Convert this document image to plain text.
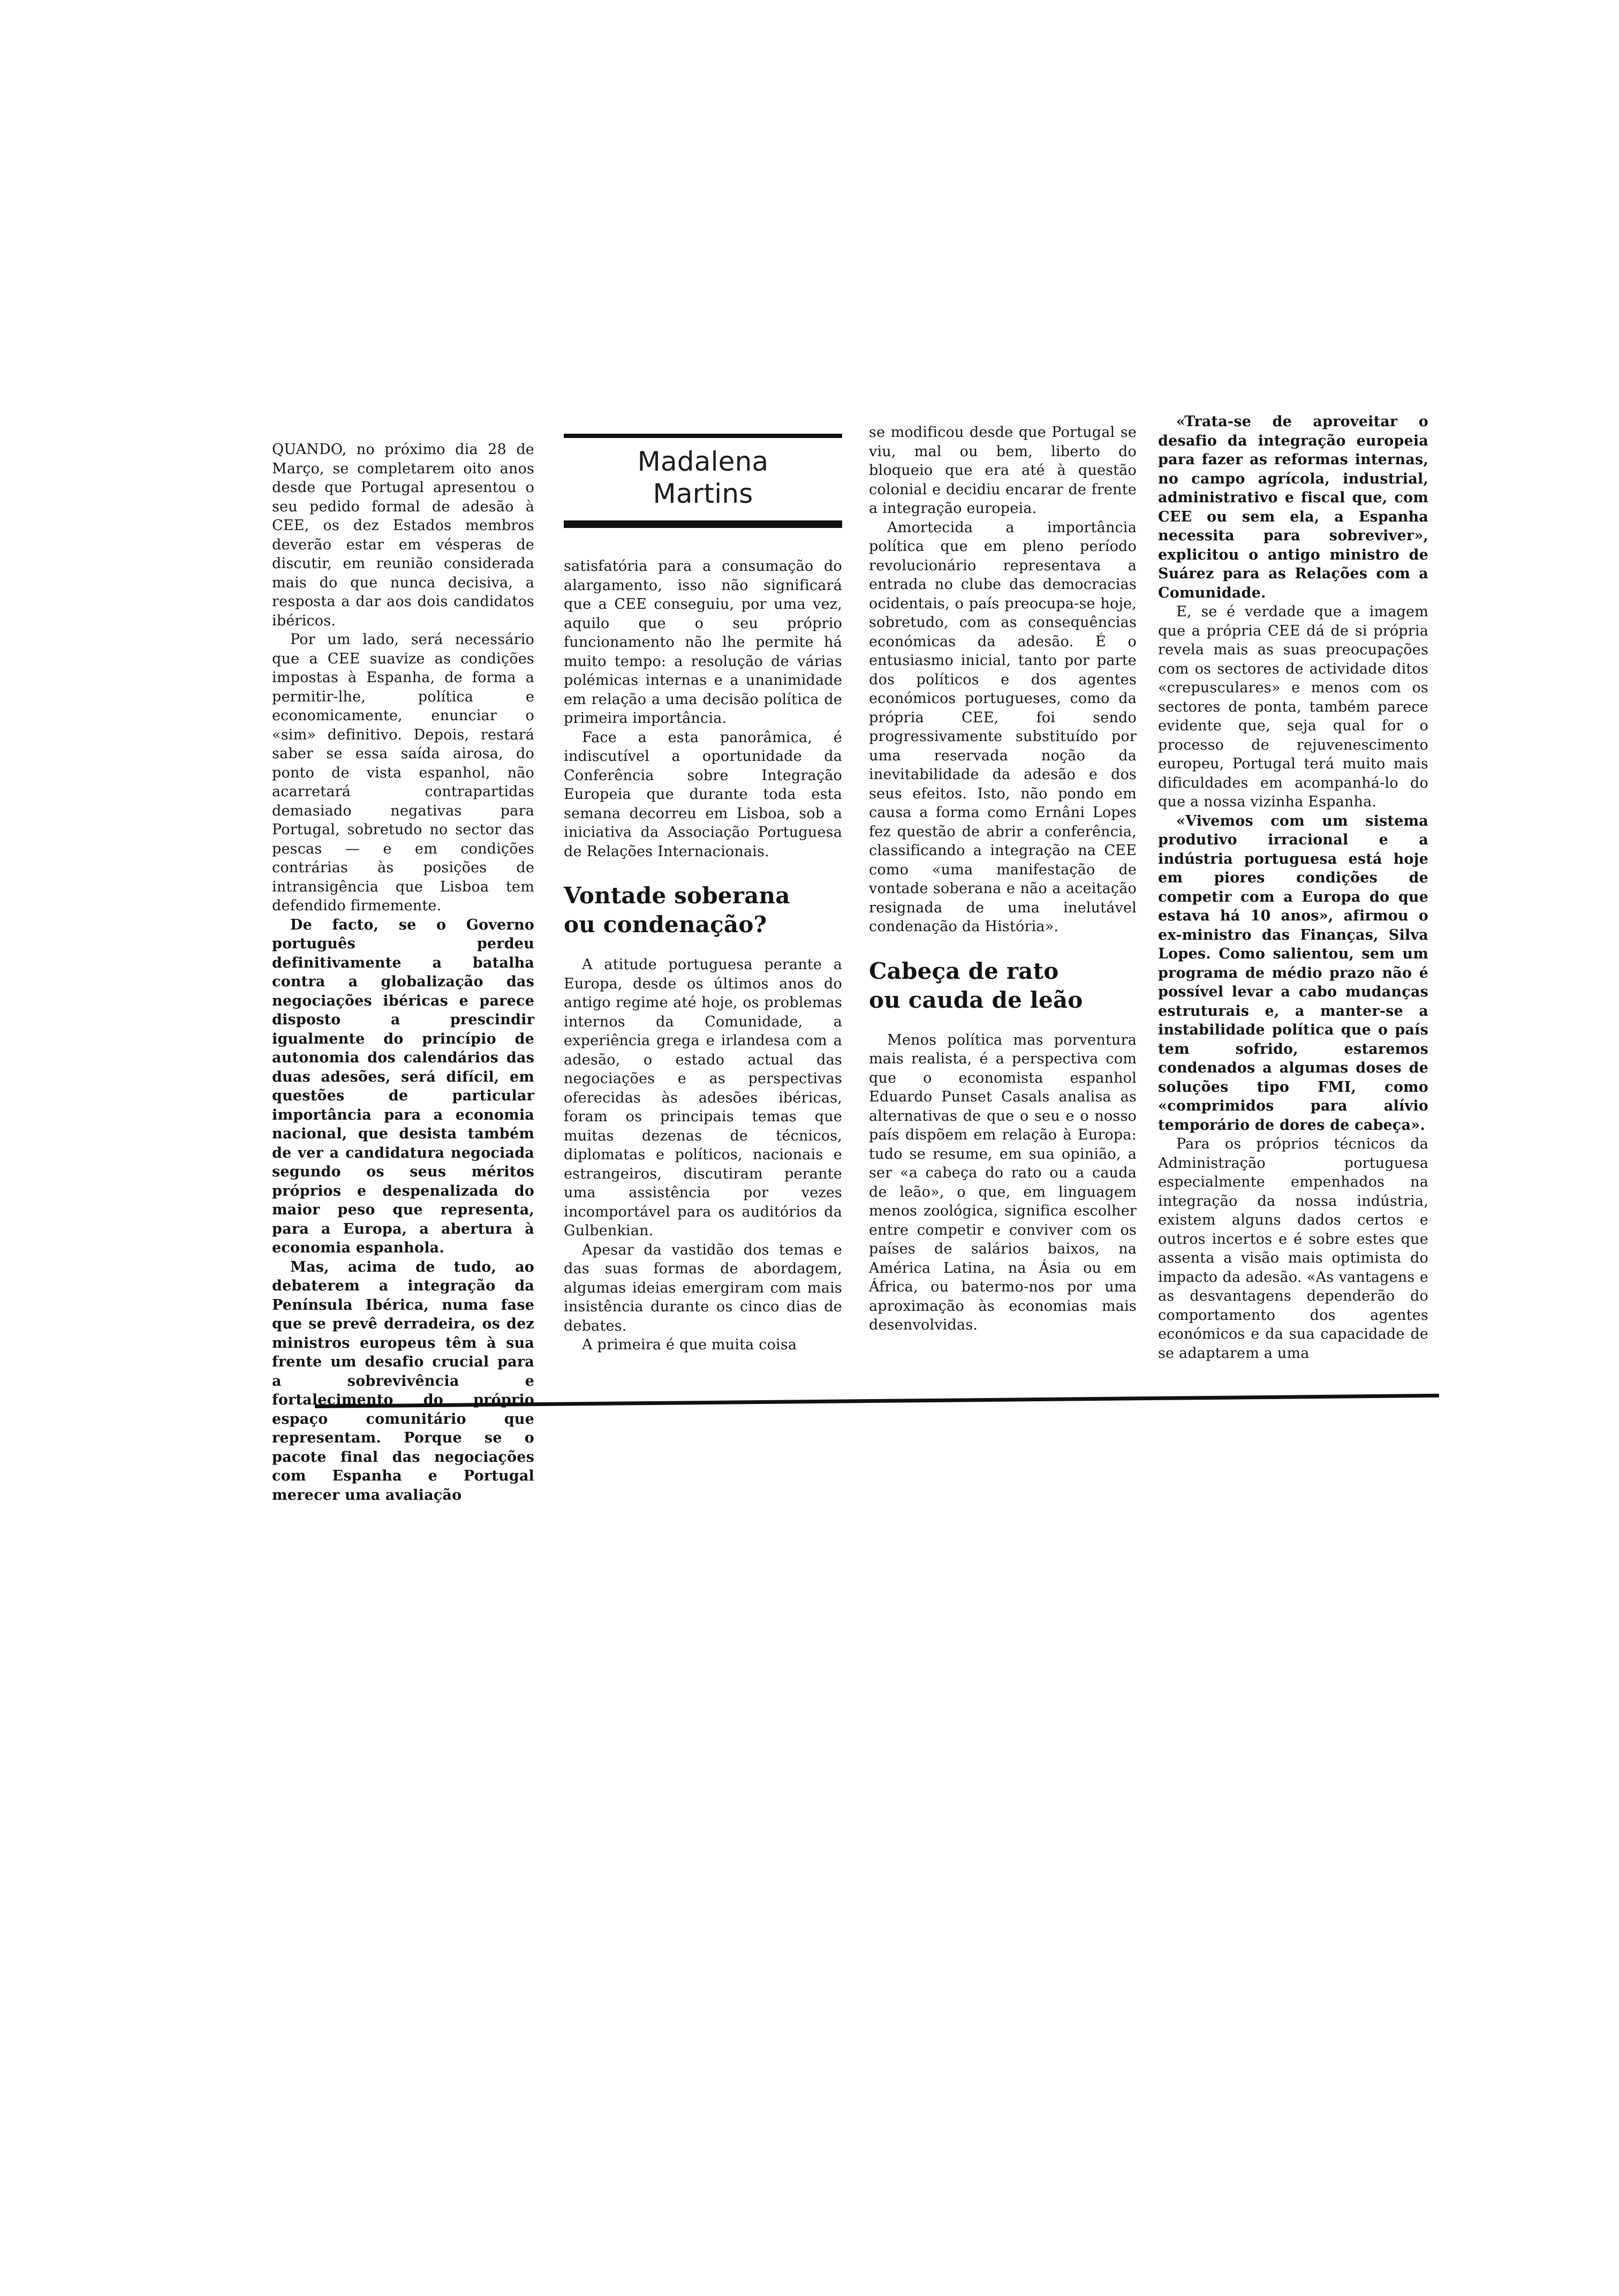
QUANDO, no próximo dia 28 de Março, se completarem oito anos desde que Portugal apresentou o seu pedido formal de adesão à CEE, os dez Estados membros deverão estar em vésperas de discutir, em reunião considerada mais do que nunca decisiva, a resposta a dar aos dois candidatos ibéricos.

Por um lado, será necessário que a CEE suavize as condições impostas à Espanha, de forma a permitir-lhe, política e economicamente, enunciar o «sim» definitivo. Depois, restará saber se essa saída airosa, do ponto de vista espanhol, não acarretará contrapartidas demasiado negativas para Portugal, sobretudo no sector das pescas — e em condições contrárias às posições de intransigência que Lisboa tem defendido firmemente.

De facto, se o Governo português perdeu definitivamente a batalha contra a globalização das negociações ibéricas e parece disposto a prescindir igualmente do princípio de autonomia dos calendários das duas adesões, será difícil, em questões de particular importância para a economia nacional, que desista também de ver a candidatura negociada segundo os seus méritos próprios e despenalizada do maior peso que representa, para a Europa, a abertura à economia espanhola.

Mas, acima de tudo, ao debaterem a integração da Península Ibérica, numa fase que se prevê derradeira, os dez ministros europeus têm à sua frente um desafio crucial para a sobrevivência e fortalecimento do próprio espaço comunitário que representam. Porque se o pacote final das negociações com Espanha e Portugal merecer uma avaliação

Madalena
Martins

satisfatória para a consumação do alargamento, isso não significará que a CEE conseguiu, por uma vez, aquilo que o seu próprio funcionamento não lhe permite há muito tempo: a resolução de várias polémicas internas e a unanimidade em relação a uma decisão política de primeira importância.

Face a esta panorâmica, é indiscutível a oportunidade da Conferência sobre Integração Europeia que durante toda esta semana decorreu em Lisboa, sob a iniciativa da Associação Portuguesa de Relações Internacionais.

Vontade soberana
ou condenação?

A atitude portuguesa perante a Europa, desde os últimos anos do antigo regime até hoje, os problemas internos da Comunidade, a experiência grega e irlandesa com a adesão, o estado actual das negociações e as perspectivas oferecidas às adesões ibéricas, foram os principais temas que muitas dezenas de técnicos, diplomatas e políticos, nacionais e estrangeiros, discutiram perante uma assistência por vezes incomportável para os auditórios da Gulbenkian.

Apesar da vastidão dos temas e das suas formas de abordagem, algumas ideias emergiram com mais insistência durante os cinco dias de debates.

A primeira é que muita coisa

se modificou desde que Portugal se viu, mal ou bem, liberto do bloqueio que era até à questão colonial e decidiu encarar de frente a integração europeia.

Amortecida a importância política que em pleno período revolucionário representava a entrada no clube das democracias ocidentais, o país preocupa-se hoje, sobretudo, com as consequências económicas da adesão. É o entusiasmo inicial, tanto por parte dos políticos e dos agentes económicos portugueses, como da própria CEE, foi sendo progressivamente substituído por uma reservada noção da inevitabilidade da adesão e dos seus efeitos. Isto, não pondo em causa a forma como Ernâni Lopes fez questão de abrir a conferência, classificando a integração na CEE como «uma manifestação de vontade soberana e não a aceitação resignada de uma inelutável condenação da História».

Cabeça de rato
ou cauda de leão

Menos política mas porventura mais realista, é a perspectiva com que o economista espanhol Eduardo Punset Casals analisa as alternativas de que o seu e o nosso país dispõem em relação à Europa: tudo se resume, em sua opinião, a ser «a cabeça do rato ou a cauda de leão», o que, em linguagem menos zoológica, significa escolher entre competir e conviver com os países de salários baixos, na América Latina, na Ásia ou em África, ou batermo-nos por uma aproximação às economias mais desenvolvidas.

«Trata-se de aproveitar o desafio da integração europeia para fazer as reformas internas, no campo agrícola, industrial, administrativo e fiscal que, com CEE ou sem ela, a Espanha necessita para sobreviver», explicitou o antigo ministro de Suárez para as Relações com a Comunidade.

E, se é verdade que a imagem que a própria CEE dá de si própria revela mais as suas preocupações com os sectores de actividade ditos «crepusculares» e menos com os sectores de ponta, também parece evidente que, seja qual for o processo de rejuvenescimento europeu, Portugal terá muito mais dificuldades em acompanhá-lo do que a nossa vizinha Espanha.

«Vivemos com um sistema produtivo irracional e a indústria portuguesa está hoje em piores condições de competir com a Europa do que estava há 10 anos», afirmou o ex-ministro das Finanças, Silva Lopes. Como salientou, sem um programa de médio prazo não é possível levar a cabo mudanças estruturais e, a manter-se a instabilidade política que o país tem sofrido, estaremos condenados a algumas doses de soluções tipo FMI, como «comprimidos para alívio temporário de dores de cabeça».

Para os próprios técnicos da Administração portuguesa especialmente empenhados na integração da nossa indústria, existem alguns dados certos e outros incertos e é sobre estes que assenta a visão mais optimista do impacto da adesão. «As vantagens e as desvantagens dependerão do comportamento dos agentes económicos e da sua capacidade de se adaptarem a uma
